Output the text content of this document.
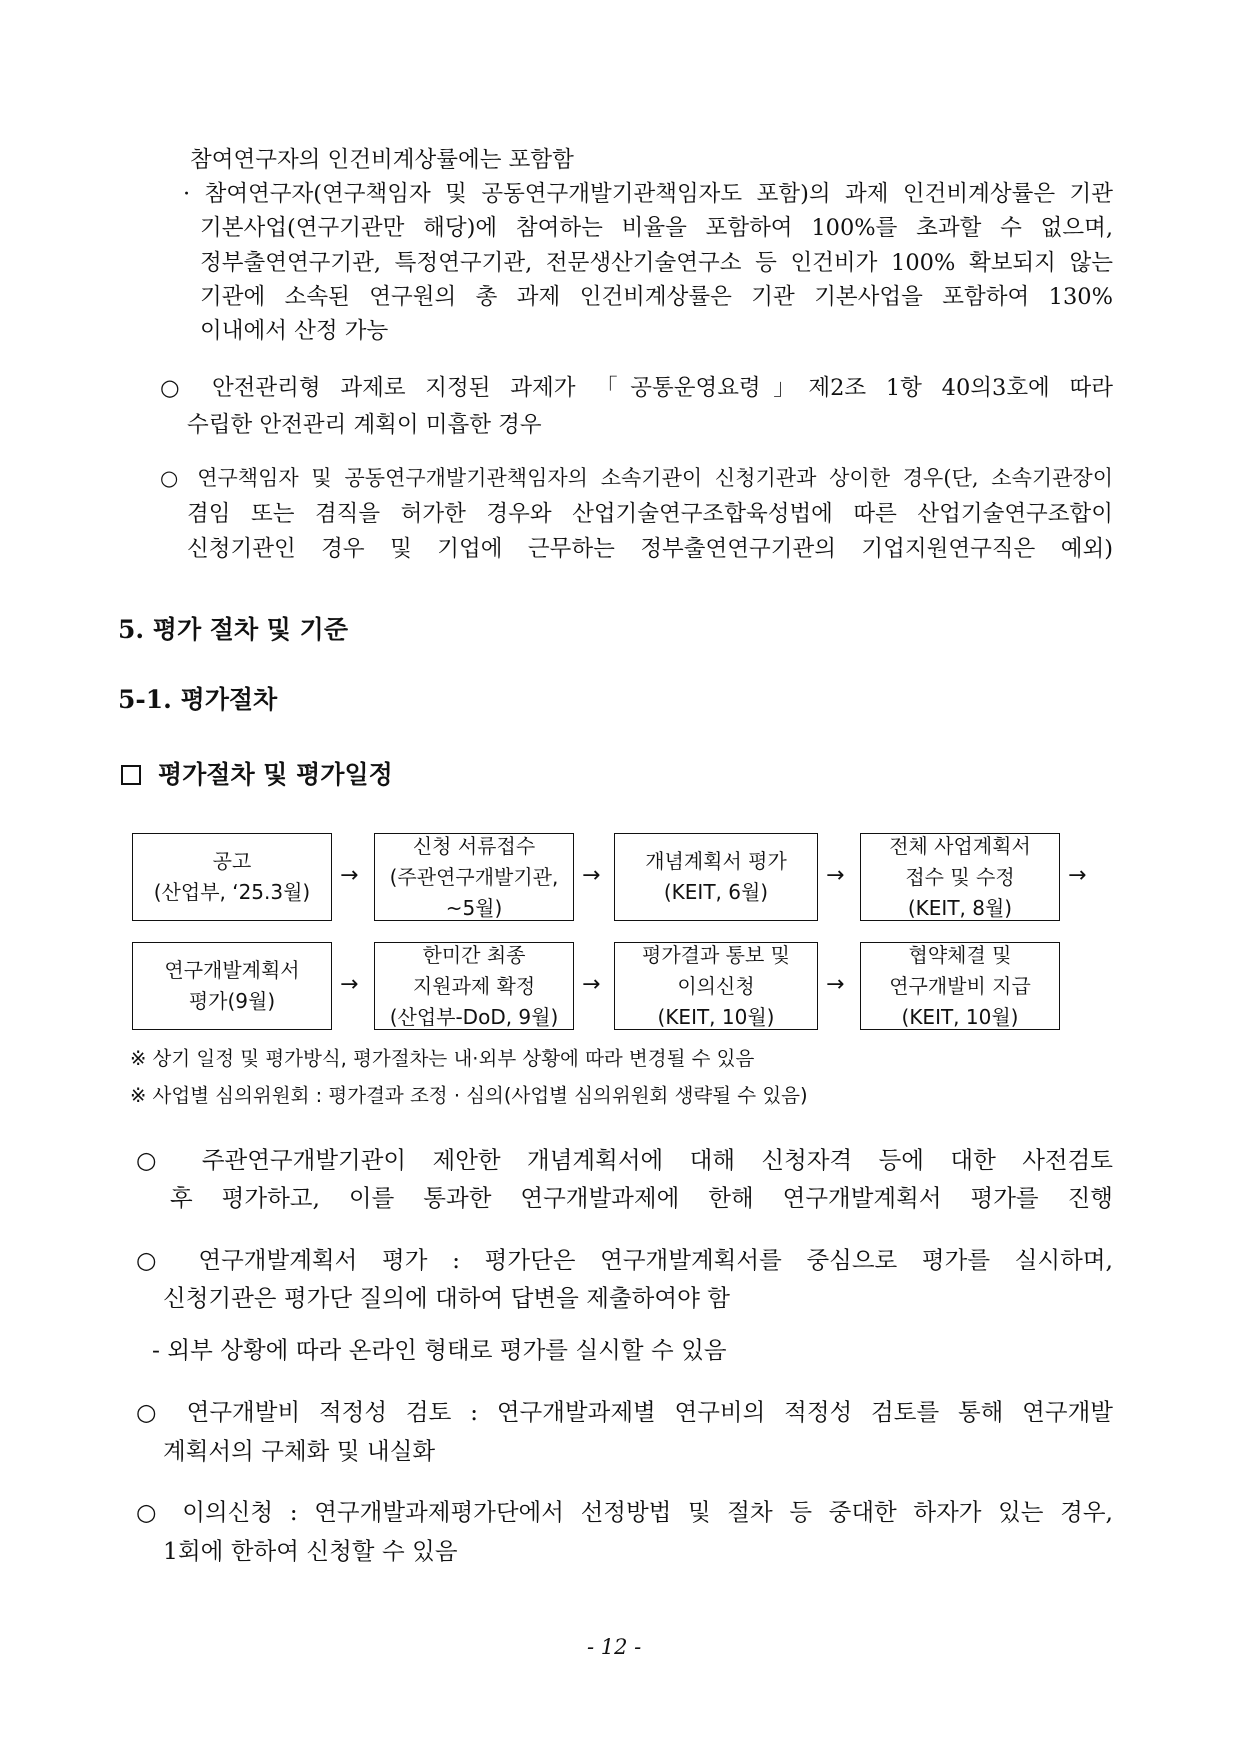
참여연구자의 인건비계상률에는 포함함
· 참여연구자(연구책임자 및 공동연구개발기관책임자도 포함)의 과제 인건비계상률은 기관
기본사업(연구기관만 해당)에 참여하는 비율을 포함하여 100%를 초과할 수 없으며,
정부출연연구기관, 특정연구기관, 전문생산기술연구소 등 인건비가 100% 확보되지 않는
기관에 소속된 연구원의 총 과제 인건비계상률은 기관 기본사업을 포함하여 130%
이내에서 산정 가능
○ 안전관리형 과제로 지정된 과제가 「공통운영요령」제2조 1항 40의3호에 따라
수립한 안전관리 계획이 미흡한 경우
○ 연구책임자 및 공동연구개발기관책임자의 소속기관이 신청기관과 상이한 경우(단, 소속기관장이
겸임 또는 겸직을 허가한 경우와 산업기술연구조합육성법에 따른 산업기술연구조합이
신청기관인 경우 및 기업에 근무하는 정부출연연구기관의 기업지원연구직은 예외)
5. 평가 절차 및 기준
5-1. 평가절차
평가절차 및 평가일정
공고
(산업부, ‘25.3월)
→
신청 서류접수
(주관연구개발기관,
~5월)
→
개념계획서 평가
(KEIT, 6월)
→
전체 사업계획서
접수 및 수정
(KEIT, 8월)
→
연구개발계획서
평가(9월)
→
한미간 최종
지원과제 확정
(산업부-DoD, 9월)
→
평가결과 통보 및
이의신청
(KEIT, 10월)
→
협약체결 및
연구개발비 지급
(KEIT, 10월)
※ 상기 일정 및 평가방식, 평가절차는 내·외부 상황에 따라 변경될 수 있음
※ 사업별 심의위원회 : 평가결과 조정 · 심의(사업별 심의위원회 생략될 수 있음)
○ 주관연구개발기관이 제안한 개념계획서에 대해 신청자격 등에 대한 사전검토
후 평가하고, 이를 통과한 연구개발과제에 한해 연구개발계획서 평가를 진행
○ 연구개발계획서 평가 : 평가단은 연구개발계획서를 중심으로 평가를 실시하며,
신청기관은 평가단 질의에 대하여 답변을 제출하여야 함
- 외부 상황에 따라 온라인 형태로 평가를 실시할 수 있음
○ 연구개발비 적정성 검토 : 연구개발과제별 연구비의 적정성 검토를 통해 연구개발
계획서의 구체화 및 내실화
○ 이의신청 : 연구개발과제평가단에서 선정방법 및 절차 등 중대한 하자가 있는 경우,
1회에 한하여 신청할 수 있음
- 12 -
